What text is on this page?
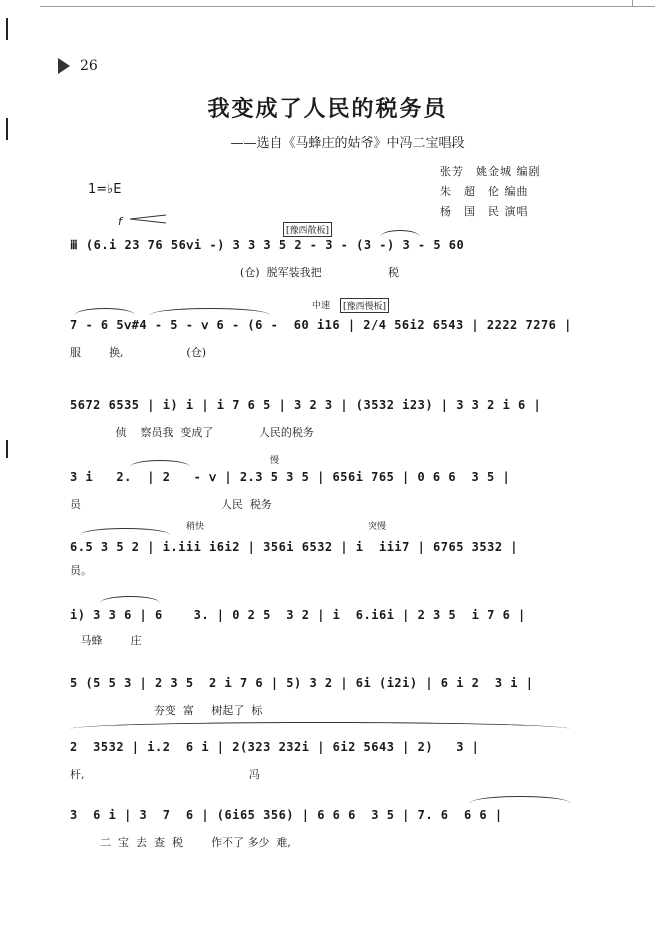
26
我变成了人民的税务员
——选自《马蜂庄的姑爷》中冯二宝唱段
张芳　姚金城 编剧
朱　超　伦 编曲
杨　国　民 演唱
1=♭E
f
[豫西散板]
中速	[豫西慢板]
慢
稍快	突慢
ⅲ (6.i 23 76 56ⅴi -) 3 3 3 5 2 - 3 - (3 -) 3 - 5 60
(仓)  脱军装我把                   税
7 - 6 5ⅴ#4 - 5 - ⅴ 6 - (6 -  60 i16 | 2/4 56i2 6543 | 2222 7276 |
服        换,                  (仓)
5672 6535 | i) i | i 7 6 5 | 3 2 3 | (3532 i23) | 3 3 2 i 6 |
侦    察员我  变成了             人民的税务
3 i   2.  | 2   - ⅴ | 2.3 5 3 5 | 656i 765 | 0 6 6  3 5 |
员                                        人民  税务
6.5 3 5 2 | i.iii i6i2 | 356i 6532 | i  iii7 | 6765 3532 |
员。
i) 3 3 6 | 6    3. | 0 2 5  3 2 | i  6.i6i | 2 3 5  i 7 6 |
马蜂        庄
5 (5 5 3 | 2 3 5  2 i 7 6 | 5) 3 2 | 6i (i2i) | 6 i 2  3 i |
夯变  富     树起了  标
2  3532 | i.2  6 i | 2(323 232i | 6i2 5643 | 2)   3 |
杆,                                               冯
3  6 i | 3  7  6 | (6i65 356) | 6 6 6  3 5 | 7. 6  6 6 |
二  宝  去  查  税        作不了 多少  难,
